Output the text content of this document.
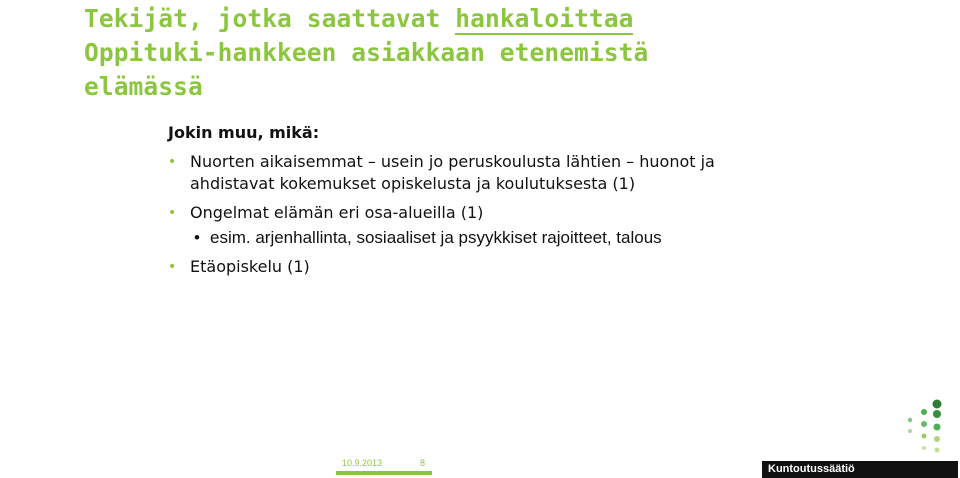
Tekijät, jotka saattavat hankaloittaa
Oppituki-hankkeen asiakkaan etenemistä
elämässä
Jokin muu, mikä:
• Nuorten aikaisemmat – usein jo peruskoulusta lähtien – huonot ja
ahdistavat kokemukset opiskelusta ja koulutuksesta (1)
• Ongelmat elämän eri osa-alueilla (1)
• esim. arjenhallinta, sosiaaliset ja psyykkiset rajoitteet, talous
• Etäopiskelu (1)
10.9.2013	8	Kuntoutussäätiö
